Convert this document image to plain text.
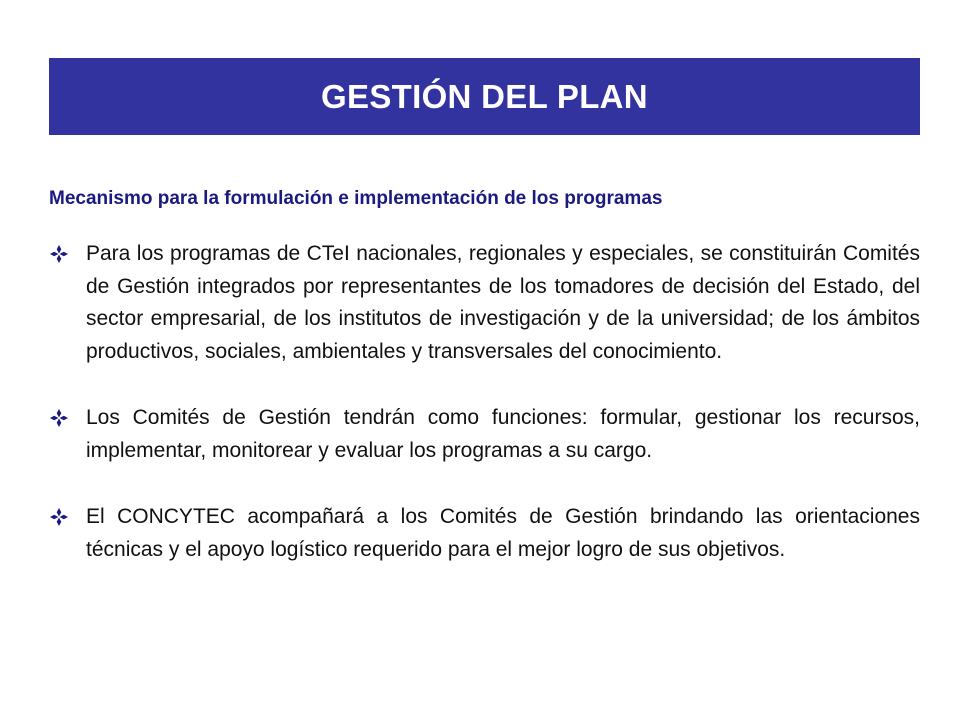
GESTIÓN DEL PLAN
Mecanismo para la formulación e implementación de los programas
Para los programas de CTeI nacionales, regionales y especiales, se constituirán Comités de Gestión integrados por representantes de los tomadores de decisión del Estado, del sector empresarial, de los institutos de investigación y de la universidad; de los ámbitos productivos, sociales, ambientales y transversales del conocimiento.
Los Comités de Gestión tendrán como funciones: formular, gestionar los recursos, implementar, monitorear y evaluar los programas a su cargo.
El CONCYTEC acompañará a los Comités de Gestión brindando las orientaciones técnicas y el apoyo logístico requerido para el mejor logro de sus objetivos.
